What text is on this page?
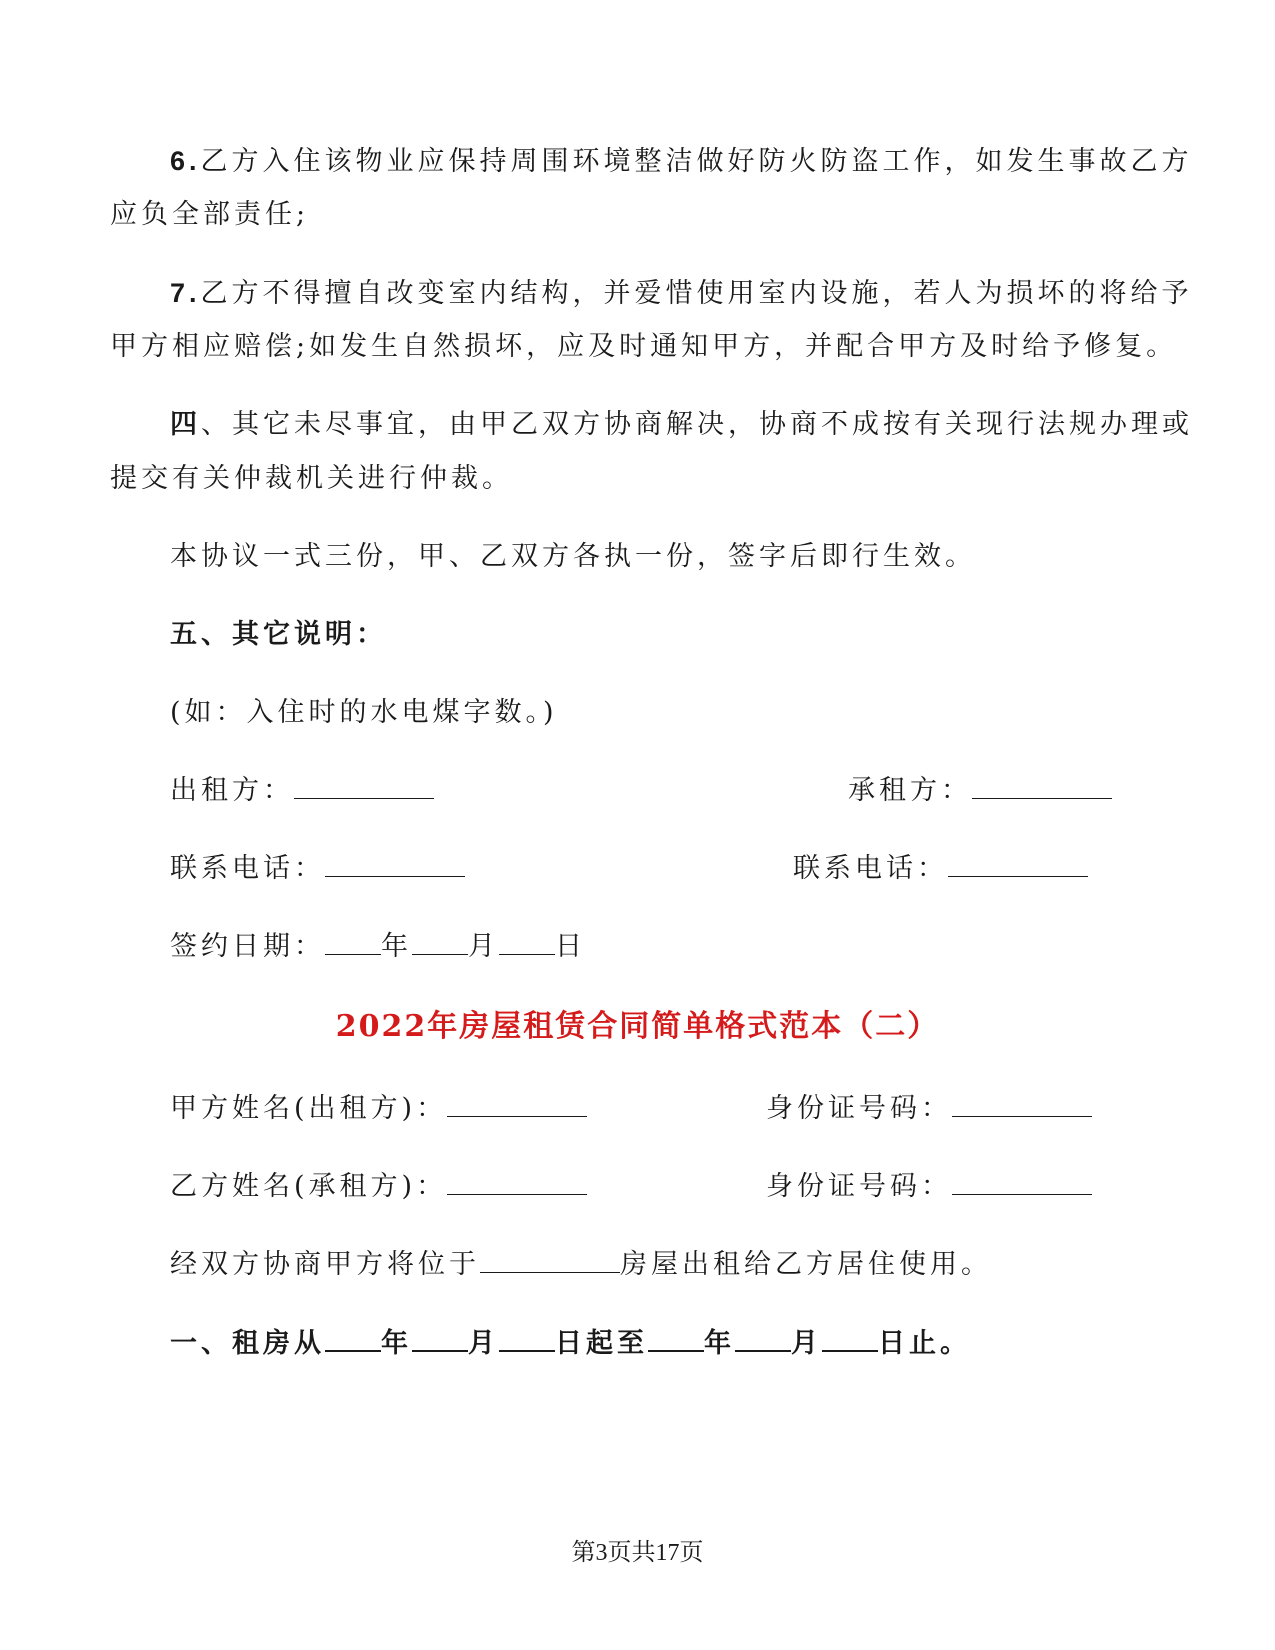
6.乙方入住该物业应保持周围环境整洁做好防火防盗工作，如发生事故乙方
应负全部责任;
7.乙方不得擅自改变室内结构，并爱惜使用室内设施，若人为损坏的将给予
甲方相应赔偿;如发生自然损坏，应及时通知甲方，并配合甲方及时给予修复。
四、其它未尽事宜，由甲乙双方协商解决，协商不成按有关现行法规办理或
提交有关仲裁机关进行仲裁。
本协议一式三份，甲、乙双方各执一份，签字后即行生效。
五、其它说明：
(如：入住时的水电煤字数。)
出租方：	承租方：
联系电话：	联系电话：
签约日期： 年 月 日
2022年房屋租赁合同简单格式范本（二）
甲方姓名(出租方)：	身份证号码：
乙方姓名(承租方)：	身份证号码：
经双方协商甲方将位于	房屋出租给乙方居住使用。
一、租房从 年 月 日起至 年 月 日止。
第3页共17页
